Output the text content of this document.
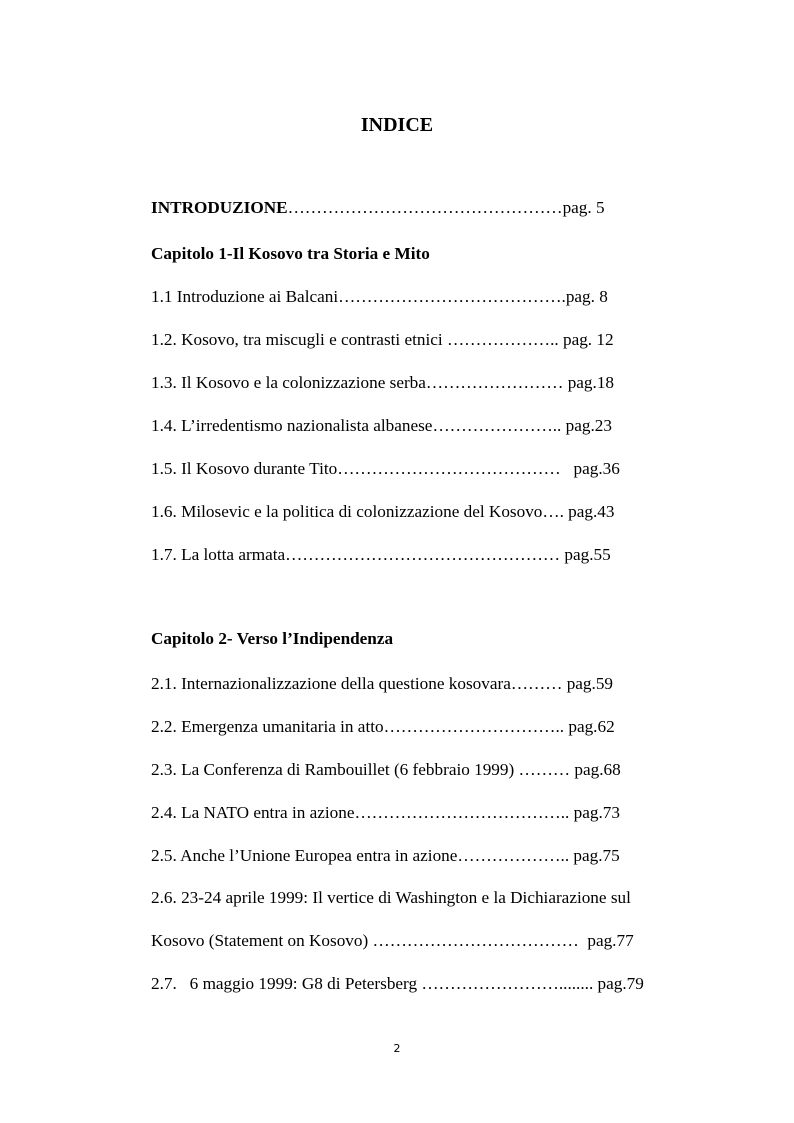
INDICE
INTRODUZIONE…………………………………………pag. 5
Capitolo 1-Il Kosovo tra Storia e Mito
1.1 Introduzione ai Balcani………………………………….pag. 8
1.2. Kosovo, tra miscugli e contrasti etnici ……………….. pag. 12
1.3. Il Kosovo e la colonizzazione serba…………………… pag.18
1.4. L’irredentismo nazionalista albanese………………….. pag.23
1.5. Il Kosovo durante Tito…………………………………   pag.36
1.6. Milosevic e la politica di colonizzazione del Kosovo…. pag.43
1.7. La lotta armata………………………………………… pag.55
Capitolo 2- Verso l’Indipendenza
2.1. Internazionalizzazione della questione kosovara……… pag.59
2.2. Emergenza umanitaria in atto………………………….. pag.62
2.3. La Conferenza di Rambouillet (6 febbraio 1999) ……… pag.68
2.4. La NATO entra in azione……………………………….. pag.73
2.5. Anche l’Unione Europea entra in azione……………….. pag.75
2.6. 23-24 aprile 1999: Il vertice di Washington e la Dichiarazione sul
Kosovo (Statement on Kosovo) ………………………………  pag.77
2.7.   6 maggio 1999: G8 di Petersberg ……………………........ pag.79
2
